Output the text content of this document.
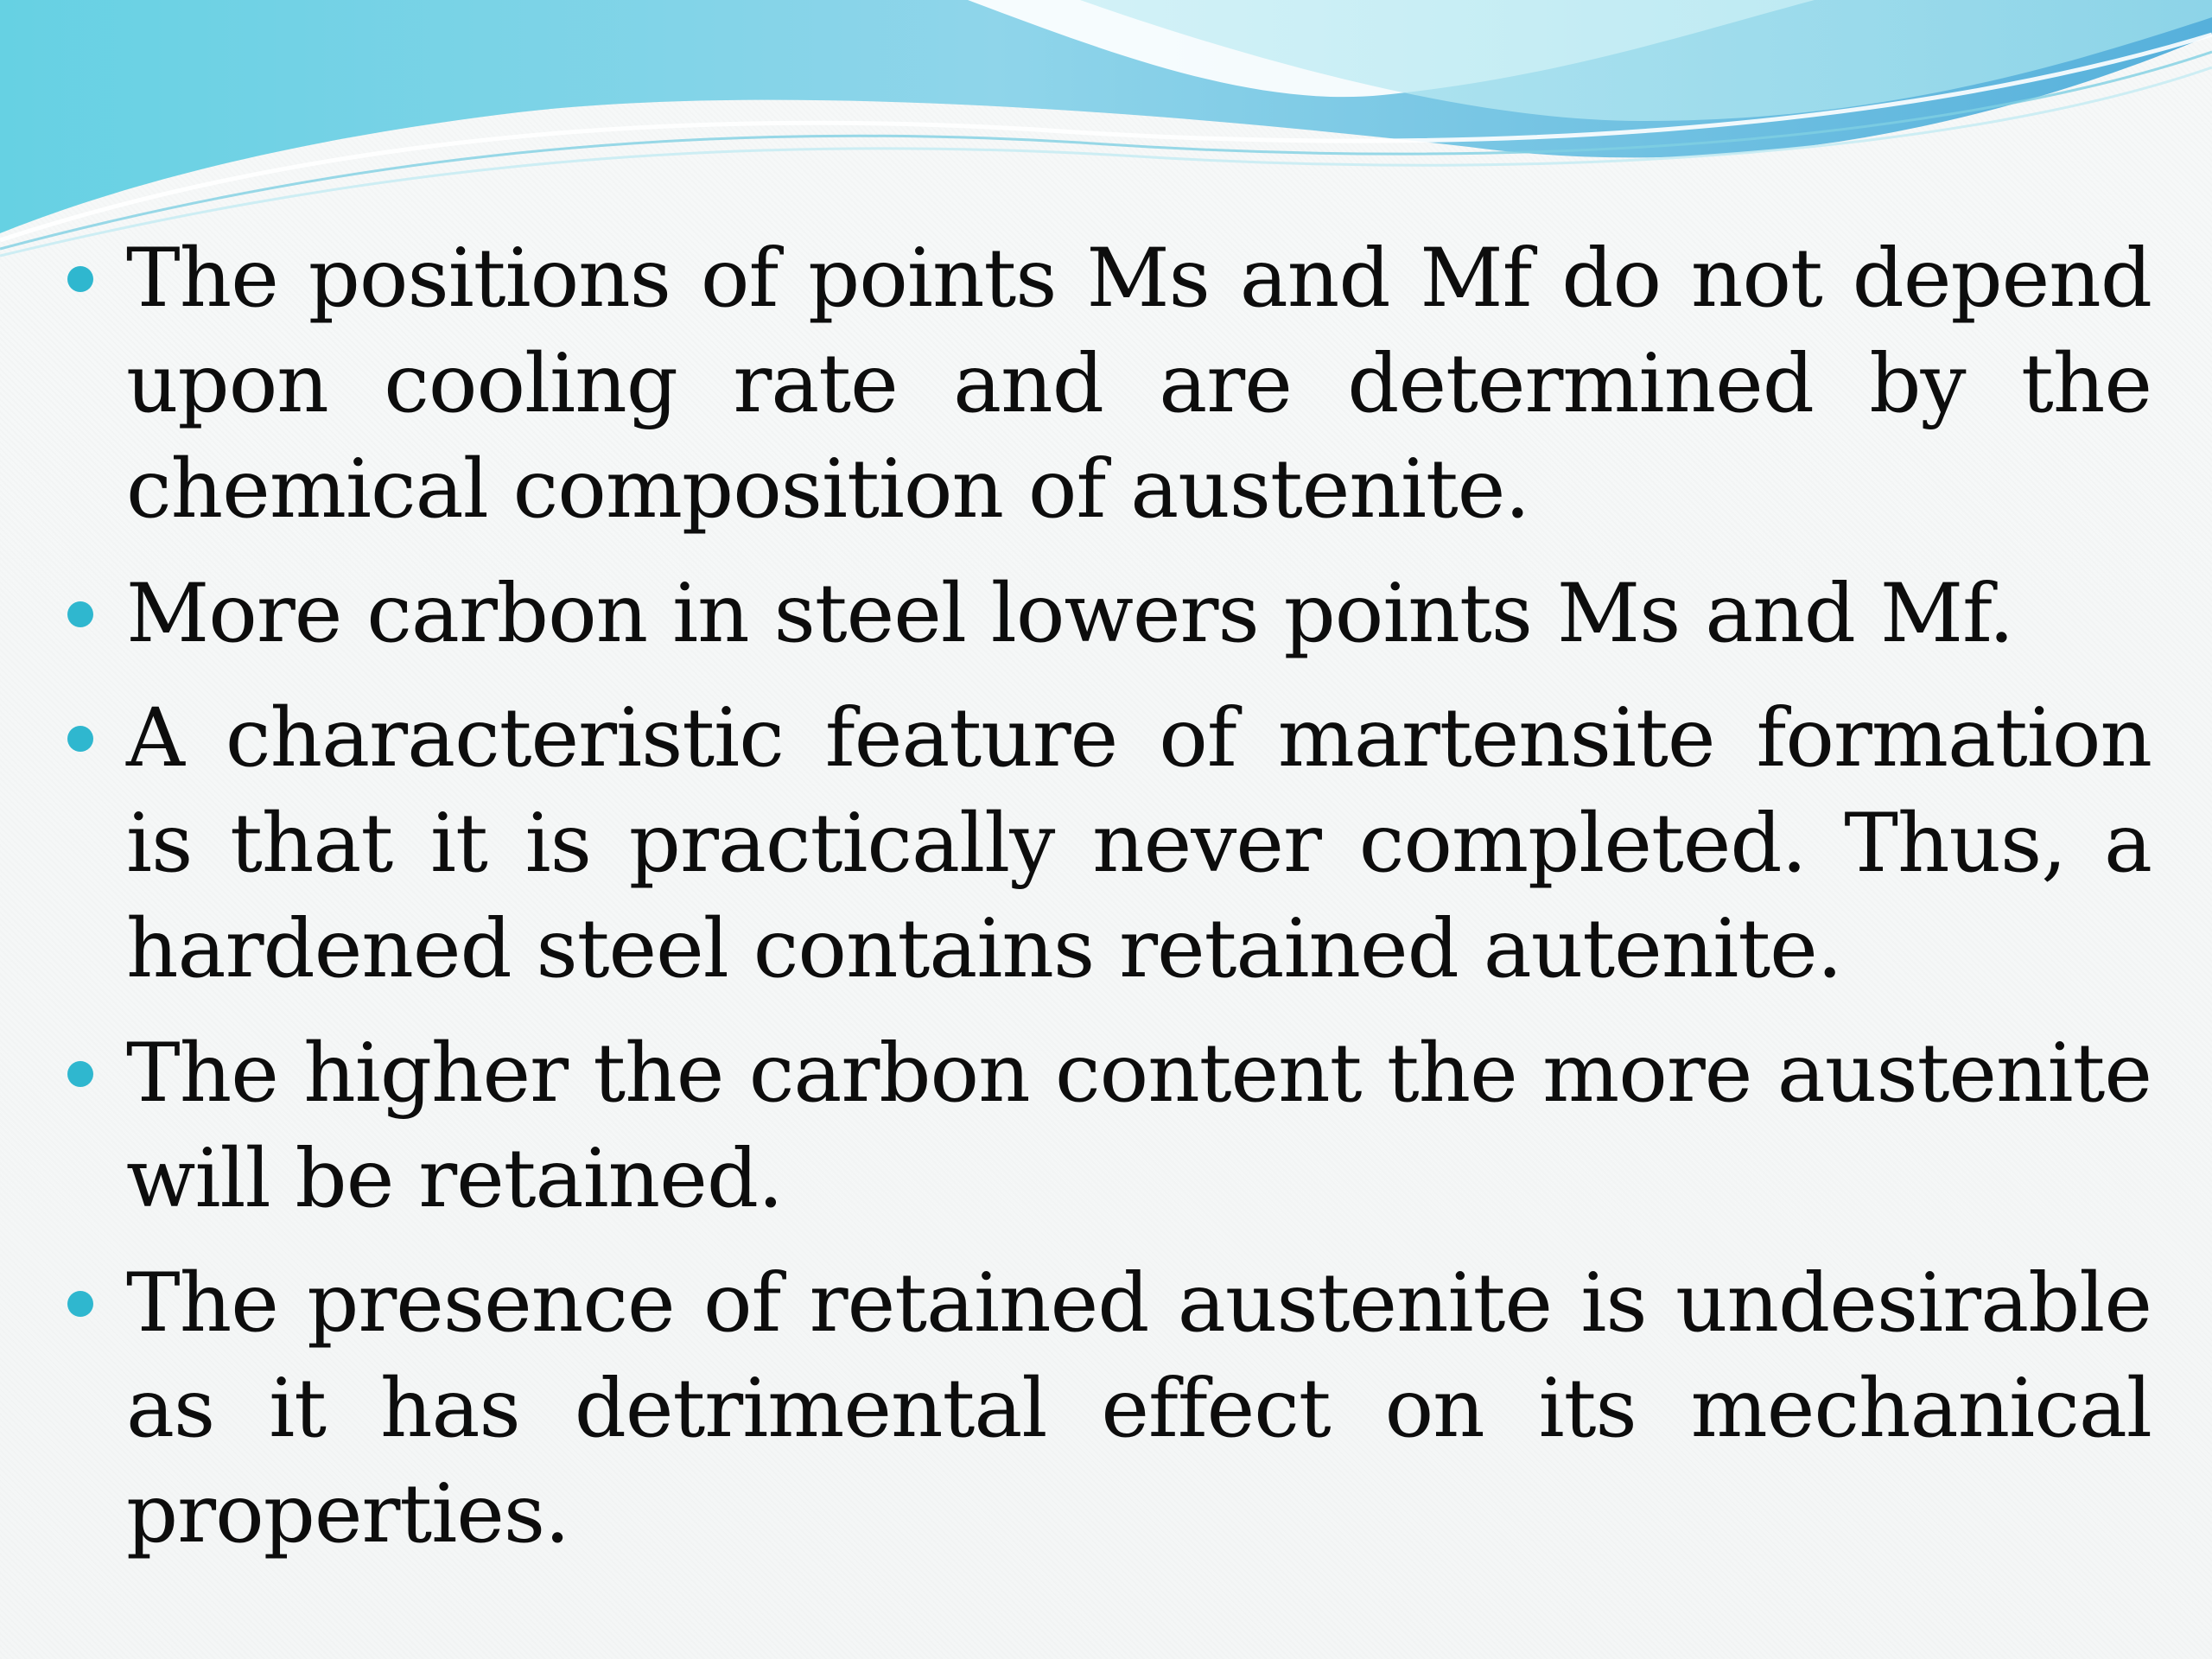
The positions of points Ms and Mf do not depend upon cooling rate and are determined by the chemical composition of austenite.
More carbon in steel lowers points Ms and Mf.
A characteristic feature of martensite formation is that it is practically never completed. Thus, a hardened steel contains retained autenite.
The higher the carbon content the more austenite will be retained.
The presence of retained austenite is undesirable as it has detrimental effect on its mechanical properties.
